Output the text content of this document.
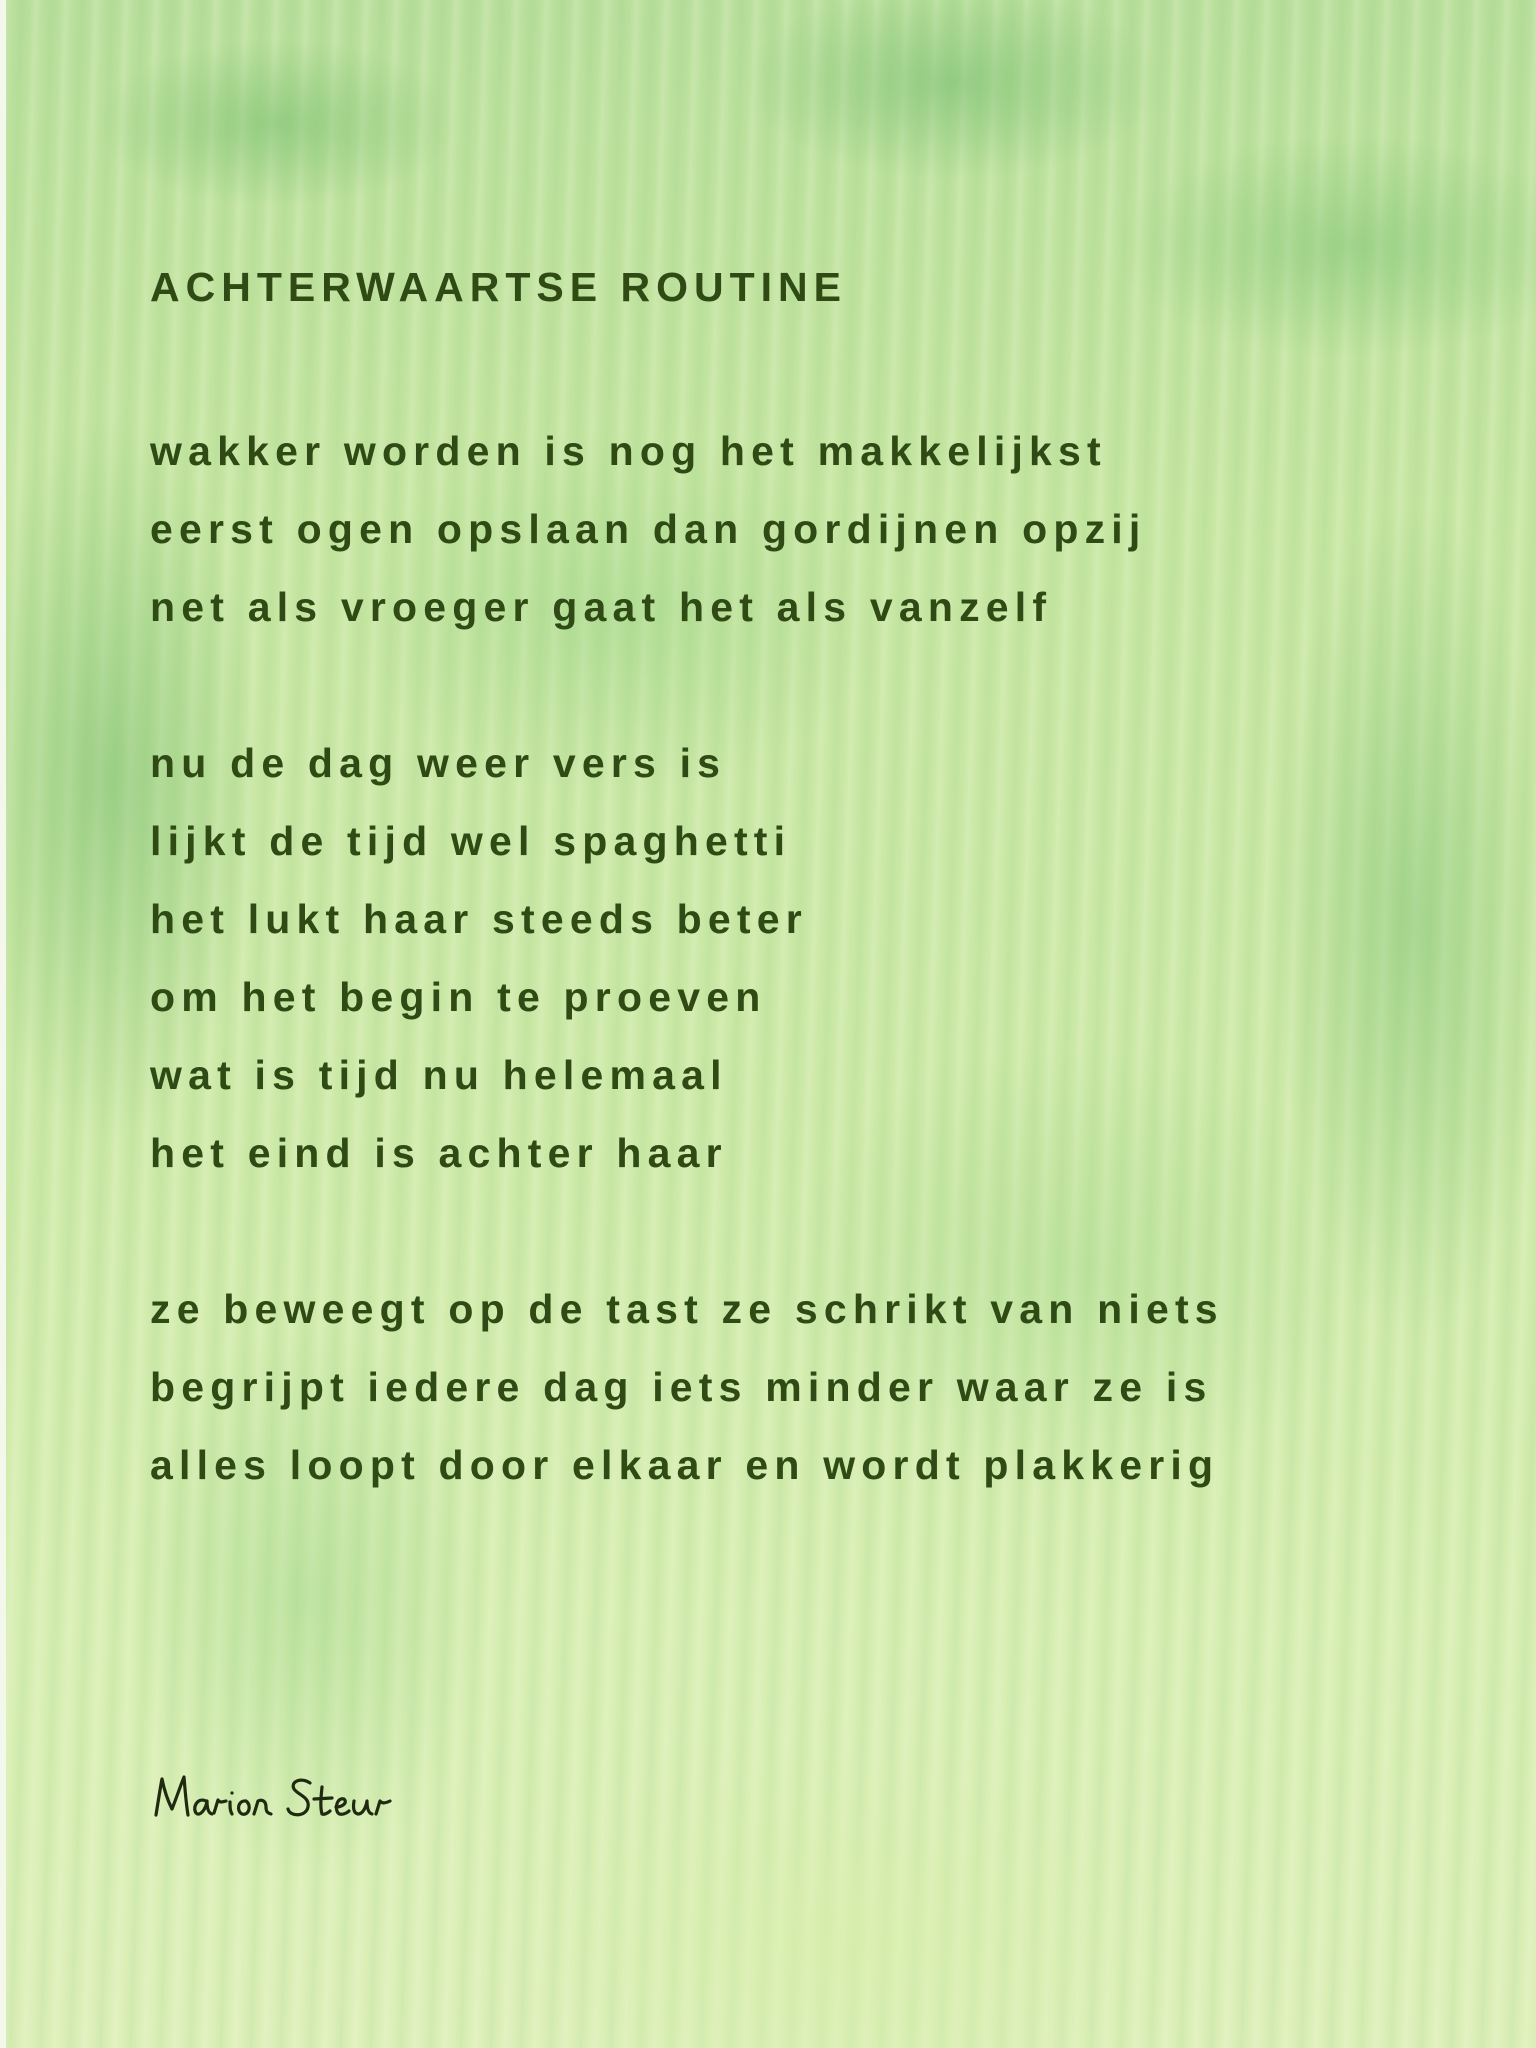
ACHTERWAARTSE ROUTINE
wakker worden is nog het makkelijkst
eerst ogen opslaan dan gordijnen opzij
net als vroeger gaat het als vanzelf
nu de dag weer vers is
lijkt de tijd wel spaghetti
het lukt haar steeds beter
om het begin te proeven
wat is tijd nu helemaal
het eind is achter haar
ze beweegt op de tast ze schrikt van niets
begrijpt iedere dag iets minder waar ze is
alles loopt door elkaar en wordt plakkerig
